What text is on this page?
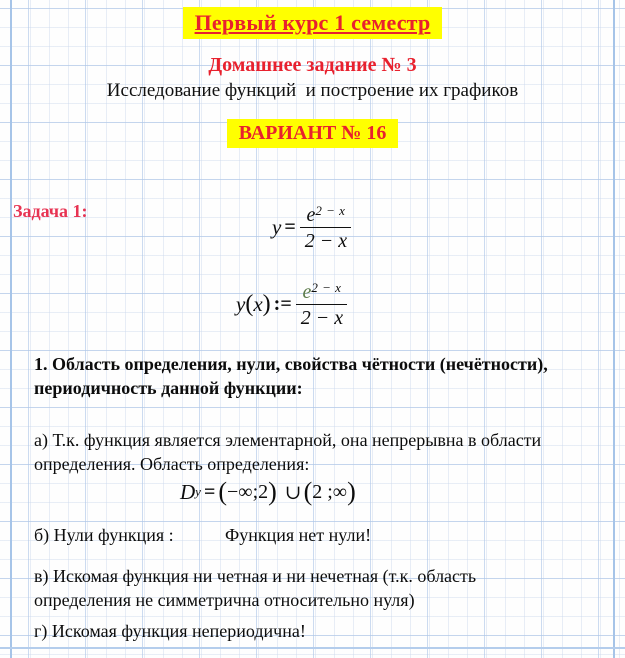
Первый курс 1 семестр
Домашнее задание № 3
Исследование функций  и построение их графиков
ВАРИАНТ № 16
Задача 1:
$y = \frac{e^{2 - x}}{2 - x}$
y ( x ) := $\frac{e^{2 - x}}{2 - x}$
1. Область определения, нули, свойства чётности (нечётности),
периодичность данной функции:
а) Т.к. функция является элементарной, она непрерывна в области
определения. Область определения:
D y = ( −∞;2 ) ∪ ( 2 ;∞ )
б) Нули функция :	Функция нет нули!
в) Искомая функция ни четная и ни нечетная (т.к. область
определения не симметрична относительно нуля)
г) Искомая функция непериодична!
